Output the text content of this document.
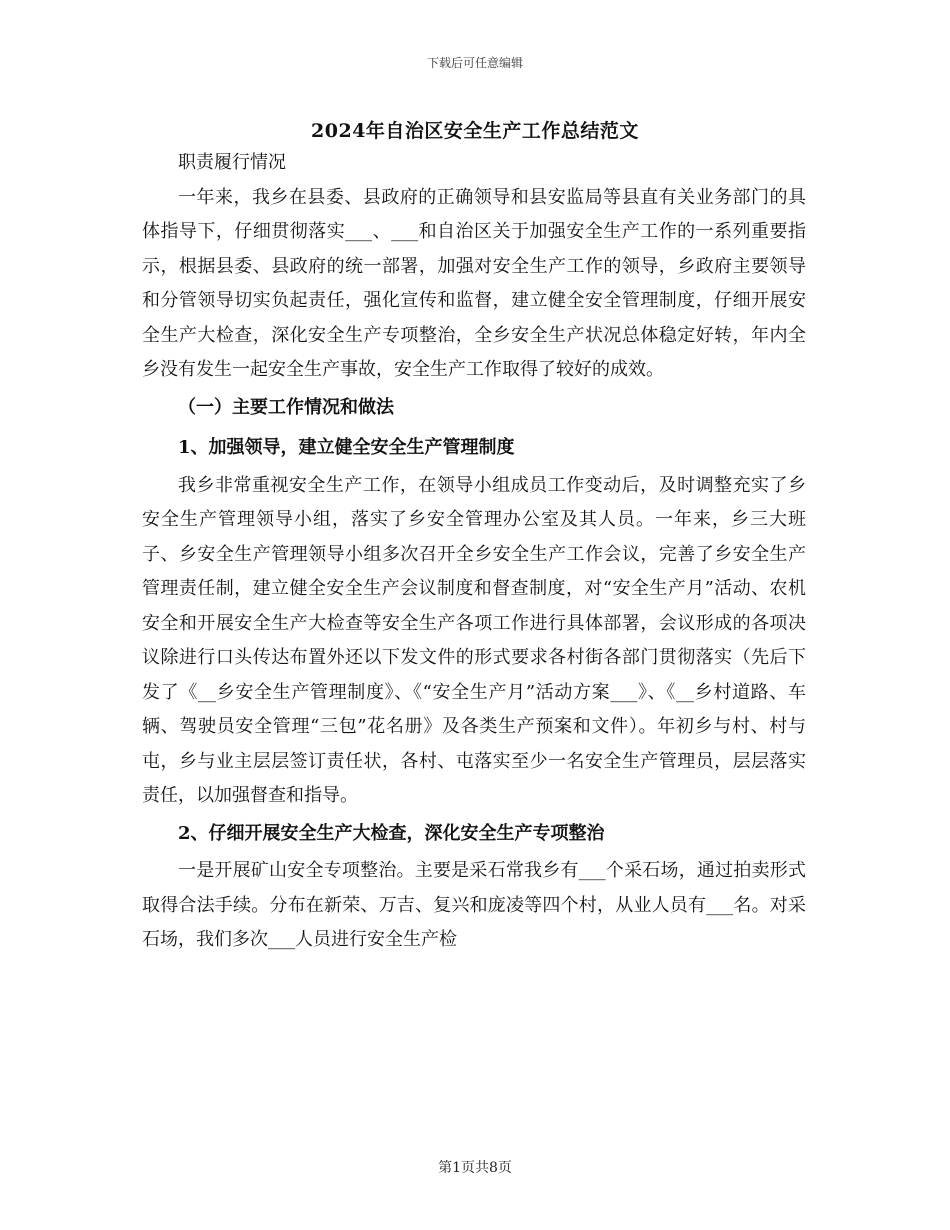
下载后可任意编辑
2024年自治区安全生产工作总结范文

职责履行情况

一年来，我乡在县委、县政府的正确领导和县安监局等县直有关业务部门的具体指导下，仔细贯彻落实___、___和自治区关于加强安全生产工作的一系列重要指示，根据县委、县政府的统一部署，加强对安全生产工作的领导，乡政府主要领导和分管领导切实负起责任，强化宣传和监督，建立健全安全管理制度，仔细开展安全生产大检查，深化安全生产专项整治，全乡安全生产状况总体稳定好转，年内全乡没有发生一起安全生产事故，安全生产工作取得了较好的成效。

（一）主要工作情况和做法
1、加强领导，建立健全安全生产管理制度

我乡非常重视安全生产工作，在领导小组成员工作变动后，及时调整充实了乡安全生产管理领导小组，落实了乡安全管理办公室及其人员。一年来，乡三大班子、乡安全生产管理领导小组多次召开全乡安全生产工作会议，完善了乡安全生产管理责任制，建立健全安全生产会议制度和督查制度，对“安全生产月”活动、农机安全和开展安全生产大检查等安全生产各项工作进行具体部署，会议形成的各项决议除进行口头传达布置外还以下发文件的形式要求各村街各部门贯彻落实（先后下发了《__乡安全生产管理制度》、《“安全生产月”活动方案___》、《__乡村道路、车辆、驾驶员安全管理“三包”花名册》及各类生产预案和文件）。年初乡与村、村与屯，乡与业主层层签订责任状，各村、屯落实至少一名安全生产管理员，层层落实责任，以加强督查和指导。

2、仔细开展安全生产大检查，深化安全生产专项整治

一是开展矿山安全专项整治。主要是采石常我乡有___个采石场，通过拍卖形式取得合法手续。分布在新荣、万吉、复兴和庞凌等四个村，从业人员有___名。对采石场，我们多次___人员进行安全生产检

第1页共8页
